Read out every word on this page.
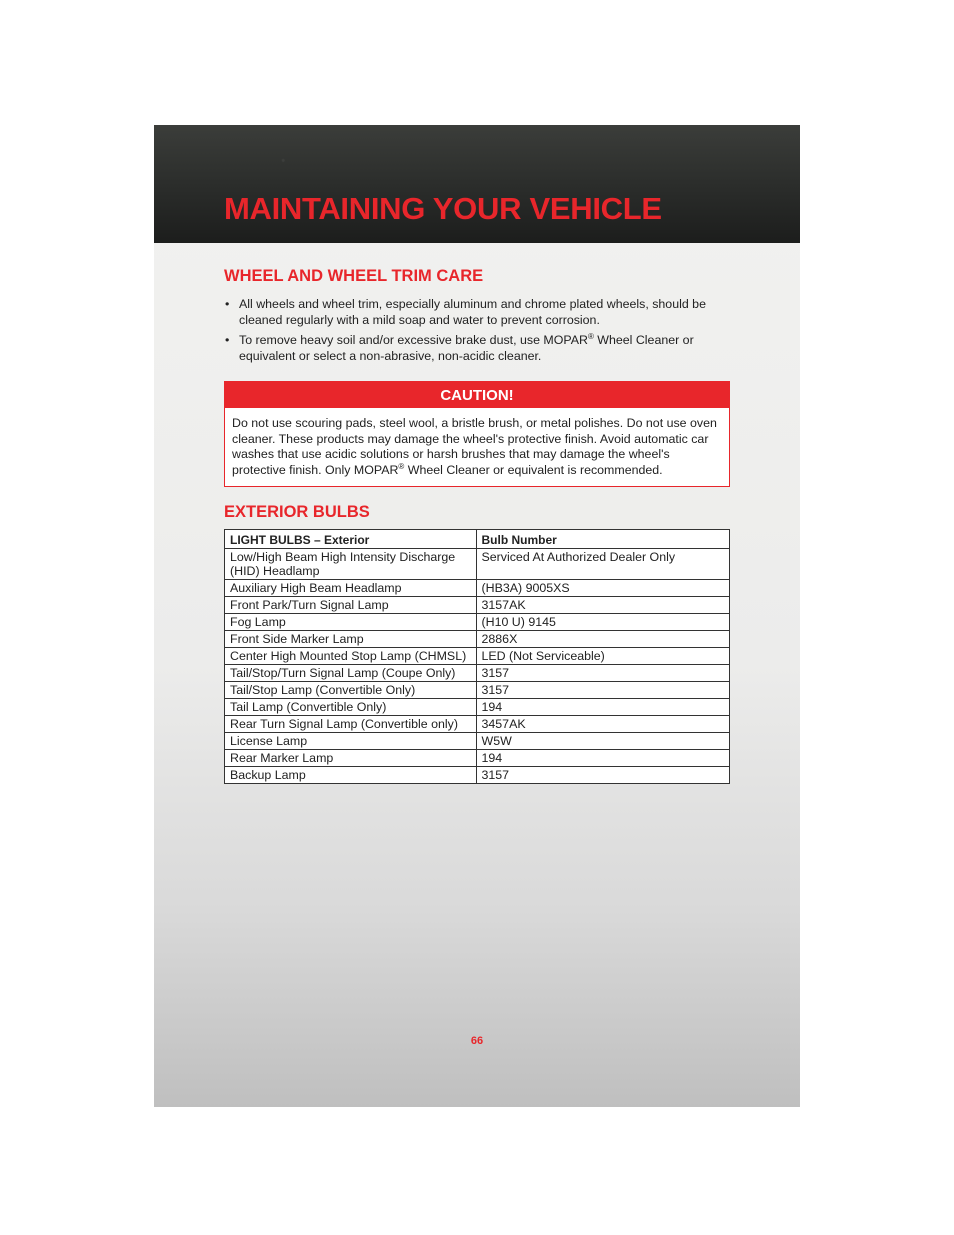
MAINTAINING YOUR VEHICLE
WHEEL AND WHEEL TRIM CARE
• All wheels and wheel trim, especially aluminum and chrome plated wheels, should be cleaned regularly with a mild soap and water to prevent corrosion.
• To remove heavy soil and/or excessive brake dust, use MOPAR® Wheel Cleaner or equivalent or select a non-abrasive, non-acidic cleaner.
CAUTION!
Do not use scouring pads, steel wool, a bristle brush, or metal polishes. Do not use oven cleaner. These products may damage the wheel's protective finish. Avoid automatic car washes that use acidic solutions or harsh brushes that may damage the wheel's protective finish. Only MOPAR® Wheel Cleaner or equivalent is recommended.
EXTERIOR BULBS
LIGHT BULBS – Exterior	Bulb Number
Low/High Beam High Intensity Discharge (HID) Headlamp	Serviced At Authorized Dealer Only
Auxiliary High Beam Headlamp	(HB3A) 9005XS
Front Park/Turn Signal Lamp	3157AK
Fog Lamp	(H10 U) 9145
Front Side Marker Lamp	2886X
Center High Mounted Stop Lamp (CHMSL)	LED (Not Serviceable)
Tail/Stop/Turn Signal Lamp (Coupe Only)	3157
Tail/Stop Lamp (Convertible Only)	3157
Tail Lamp (Convertible Only)	194
Rear Turn Signal Lamp (Convertible only)	3457AK
License Lamp	W5W
Rear Marker Lamp	194
Backup Lamp	3157
66
